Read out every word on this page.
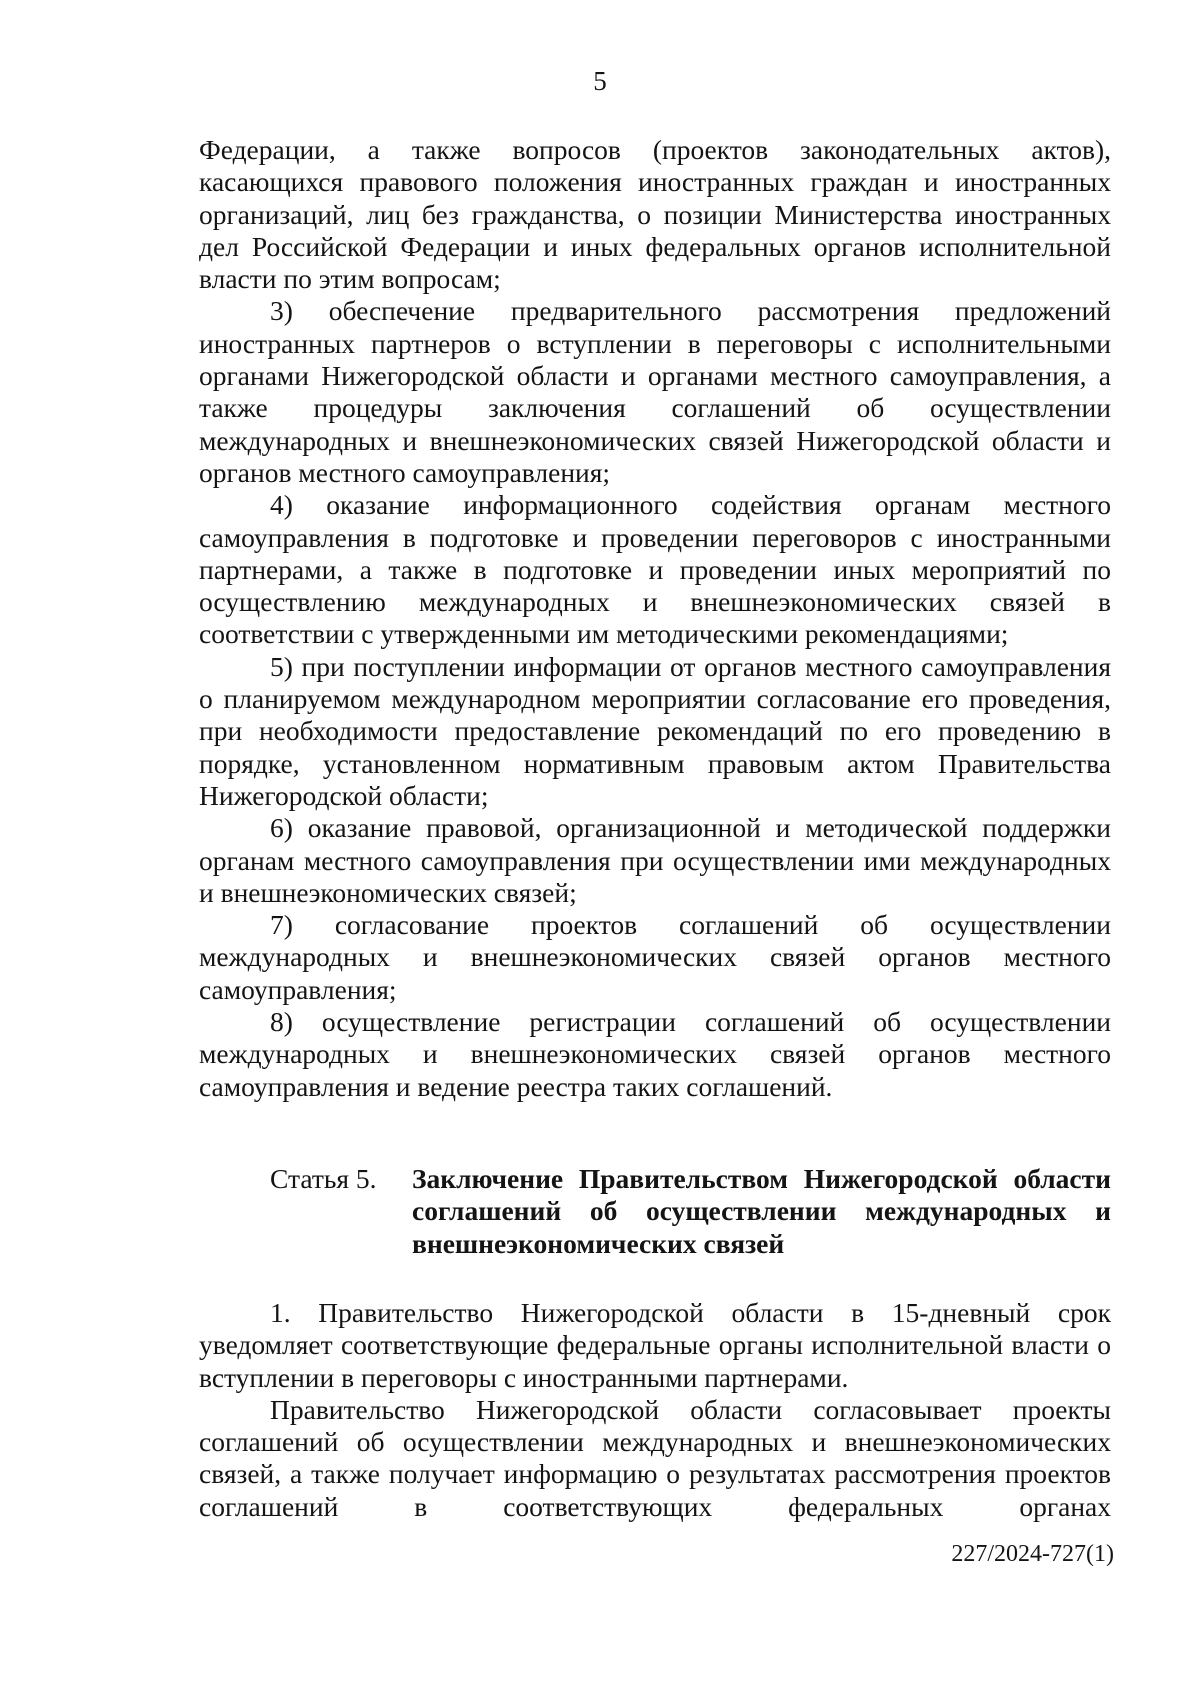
5

Федерации, а также вопросов (проектов законодательных актов), касающихся правового положения иностранных граждан и иностранных организаций, лиц без гражданства, о позиции Министерства иностранных дел Российской Федерации и иных федеральных органов исполнительной власти по этим вопросам;

3) обеспечение предварительного рассмотрения предложений иностранных партнеров о вступлении в переговоры с исполнительными органами Нижегородской области и органами местного самоуправления, а также процедуры заключения соглашений об осуществлении международных и внешнеэкономических связей Нижегородской области и органов местного самоуправления;

4) оказание информационного содействия органам местного самоуправления в подготовке и проведении переговоров с иностранными партнерами, а также в подготовке и проведении иных мероприятий по осуществлению международных и внешнеэкономических связей в соответствии с утвержденными им методическими рекомендациями;

5) при поступлении информации от органов местного самоуправления о планируемом международном мероприятии согласование его проведения, при необходимости предоставление рекомендаций по его проведению в порядке, установленном нормативным правовым актом Правительства Нижегородской области;

6) оказание правовой, организационной и методической поддержки органам местного самоуправления при осуществлении ими международных и внешнеэкономических связей;

7) согласование проектов соглашений об осуществлении международных и внешнеэкономических связей органов местного самоуправления;

8) осуществление регистрации соглашений об осуществлении международных и внешнеэкономических связей органов местного самоуправления и ведение реестра таких соглашений.

Статья 5.	Заключение Правительством Нижегородской области соглашений об осуществлении международных и внешнеэкономических связей

1. Правительство Нижегородской области в 15-дневный срок уведомляет соответствующие федеральные органы исполнительной власти о вступлении в переговоры с иностранными партнерами.

Правительство Нижегородской области согласовывает проекты соглашений об осуществлении международных и внешнеэкономических связей, а также получает информацию о результатах рассмотрения проектов соглашений в соответствующих федеральных органах

227/2024-727(1)
